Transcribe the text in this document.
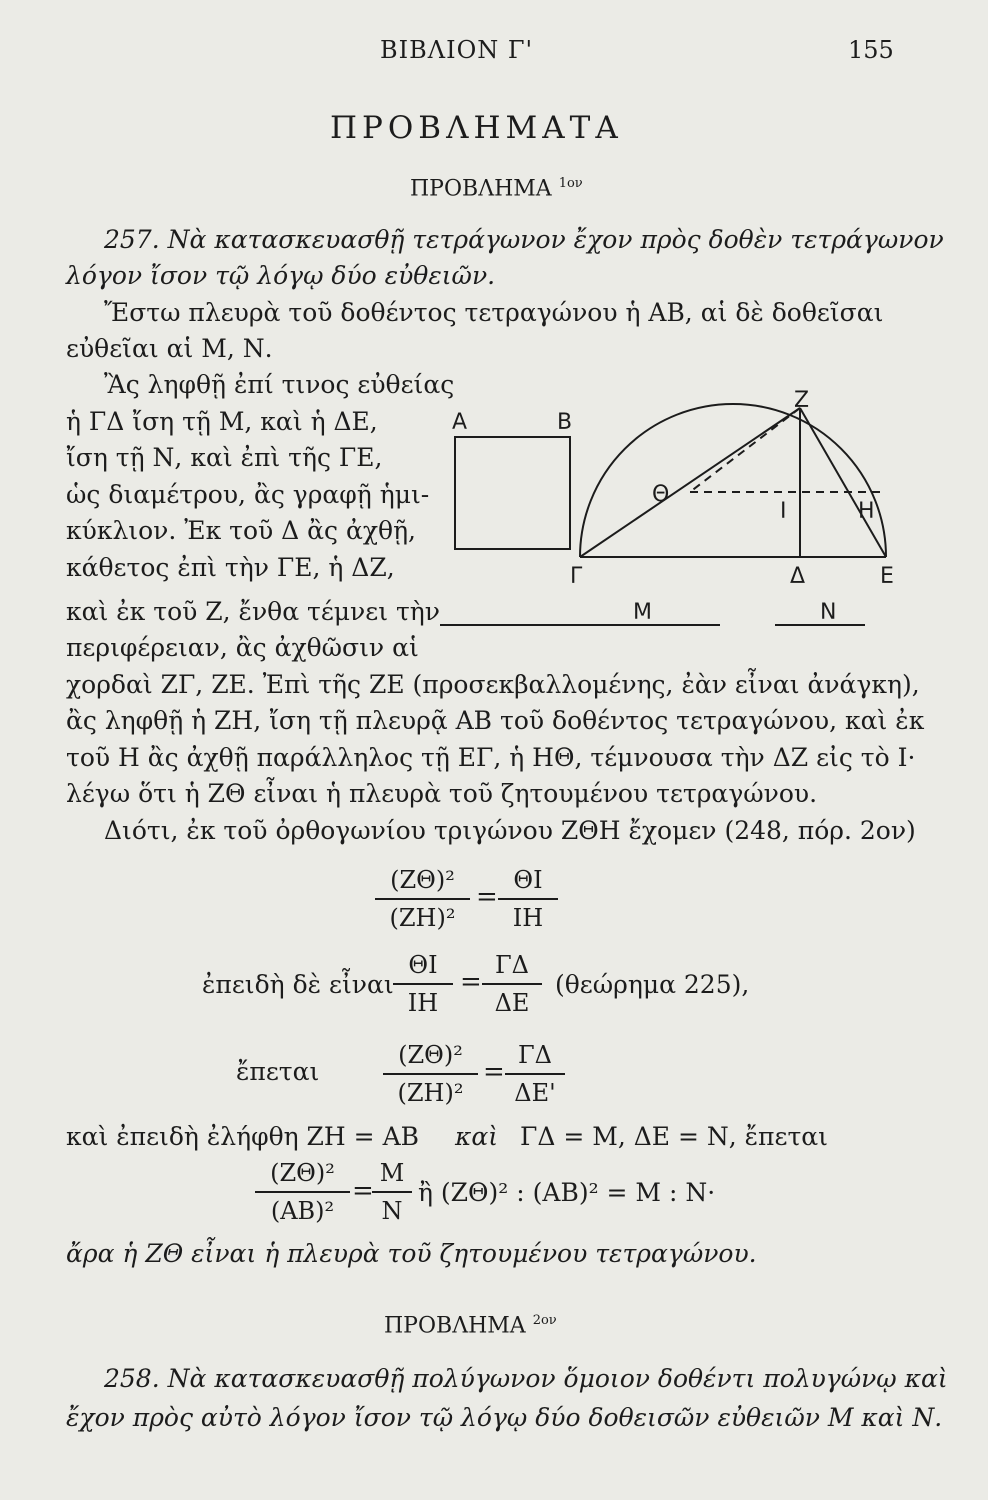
ΒΙΒΛΙΟΝ Γ'	155
ΠΡΟΒΛΗΜΑΤΑ
ΠΡΟΒΛΗΜΑ $^{1o\nu}$
257. Νὰ κατασκευασθῇ τετράγωνον ἔχον πρὸς δοθὲν τετράγωνον
λόγον ἴσον τῷ λόγῳ δύο εὐθειῶν.
Ἔστω πλευρὰ τοῦ δοθέντος τετραγώνου ἡ ΑΒ, αἱ δὲ δοθεῖσαι
εὐθεῖαι αἱ Μ, Ν.
Ἂς ληφθῇ ἐπί τινος εὐθείας
ἡ ΓΔ ἴση τῇ Μ, καὶ ἡ ΔΕ,
ἴση τῇ Ν, καὶ ἐπὶ τῆς ΓΕ,
ὡς διαμέτρου, ἂς γραφῇ ἡμι-
κύκλιον. Ἐκ τοῦ Δ ἂς ἀχθῇ,
κάθετος ἐπὶ τὴν ΓΕ, ἡ ΔΖ,
καὶ ἐκ τοῦ Ζ, ἔνθα τέμνει τὴν
περιφέρειαν, ἂς ἀχθῶσιν αἱ
χορδαὶ ΖΓ, ΖΕ. Ἐπὶ τῆς ΖΕ (προσεκβαλλομένης, ἐὰν εἶναι ἀνάγκη),
ἂς ληφθῇ ἡ ΖΗ, ἴση τῇ πλευρᾷ ΑΒ τοῦ δοθέντος τετραγώνου, καὶ ἐκ
τοῦ Η ἂς ἀχθῇ παράλληλος τῇ ΕΓ, ἡ ΗΘ, τέμνουσα τὴν ΔΖ εἰς τὸ Ι·
λέγω ὅτι ἡ ΖΘ εἶναι ἡ πλευρὰ τοῦ ζητουμένου τετραγώνου.
Διότι, ἐκ τοῦ ὀρθογωνίου τριγώνου ΖΘΗ ἔχομεν (248, πόρ. 2ον)
Α	Β
Ζ
Θ
Ι	Η
Γ	Δ	Ε
Μ	Ν
(ΖΘ)²
(ΖΗ)²
=
ΘΙ
ΙΗ
ἐπειδὴ δὲ εἶναι
ΘΙ
ΙΗ
=
ΓΔ
ΔΕ
(θεώρημα 225),
ἔπεται
(ΖΘ)²
(ΖΗ)²
=
ΓΔ
ΔΕ'
καὶ ἐπειδὴ ἐλήφθη ΖΗ = ΑΒ καὶ ΓΔ = Μ, ΔΕ = Ν, ἔπεται
(ΖΘ)²
(ΑΒ)²
=
Μ
Ν
ἢ (ΖΘ)² : (ΑΒ)² = Μ : Ν·
ἄρα ἡ ΖΘ εἶναι ἡ πλευρὰ τοῦ ζητουμένου τετραγώνου.
ΠΡΟΒΛΗΜΑ $^{2o\nu}$
258. Νὰ κατασκευασθῇ πολύγωνον ὅμοιον δοθέντι πολυγώνῳ καὶ
ἔχον πρὸς αὐτὸ λόγον ἴσον τῷ λόγῳ δύο δοθεισῶν εὐθειῶν Μ καὶ Ν.
